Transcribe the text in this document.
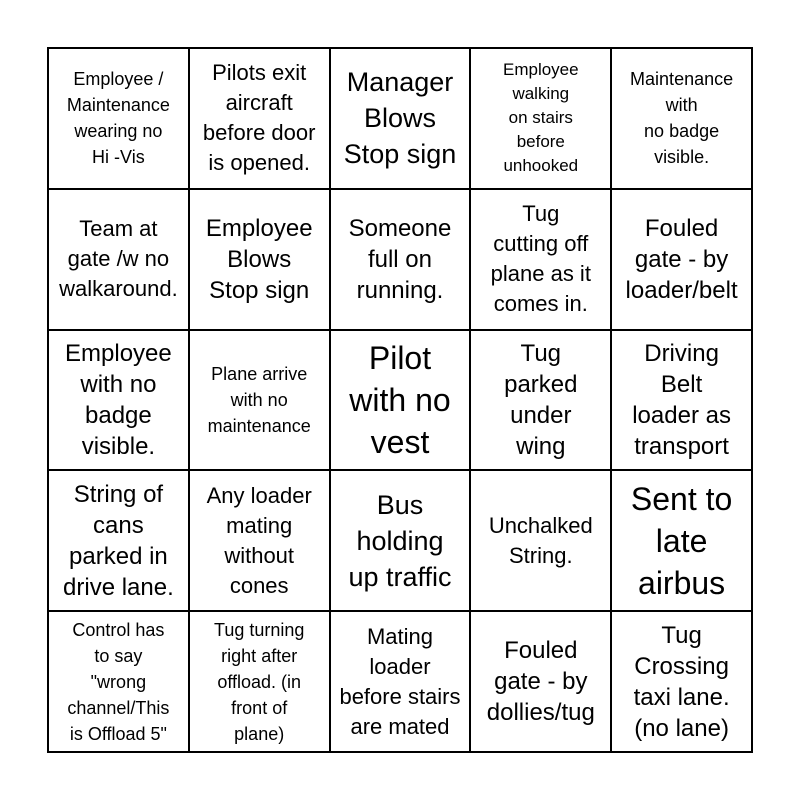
Employee /
Maintenance
wearing no
Hi -Vis
Pilots exit
aircraft
before door
is opened.
Manager
Blows
Stop sign
Employee
walking
on stairs
before
unhooked
Maintenance
with
no badge
visible.
Team at
gate /w no
walkaround.
Employee
Blows
Stop sign
Someone
full on
running.
Tug
cutting off
plane as it
comes in.
Fouled
gate - by
loader/belt
Employee
with no
badge
visible.
Plane arrive
with no
maintenance
Pilot
with no
vest
Tug
parked
under
wing
Driving
Belt
loader as
transport
String of
cans
parked in
drive lane.
Any loader
mating
without
cones
Bus
holding
up traffic
Unchalked
String.
Sent to
late
airbus
Control has
to say
"wrong
channel/This
is Offload 5"
Tug turning
right after
offload. (in
front of
plane)
Mating
loader
before stairs
are mated
Fouled
gate - by
dollies/tug
Tug
Crossing
taxi lane.
(no lane)
